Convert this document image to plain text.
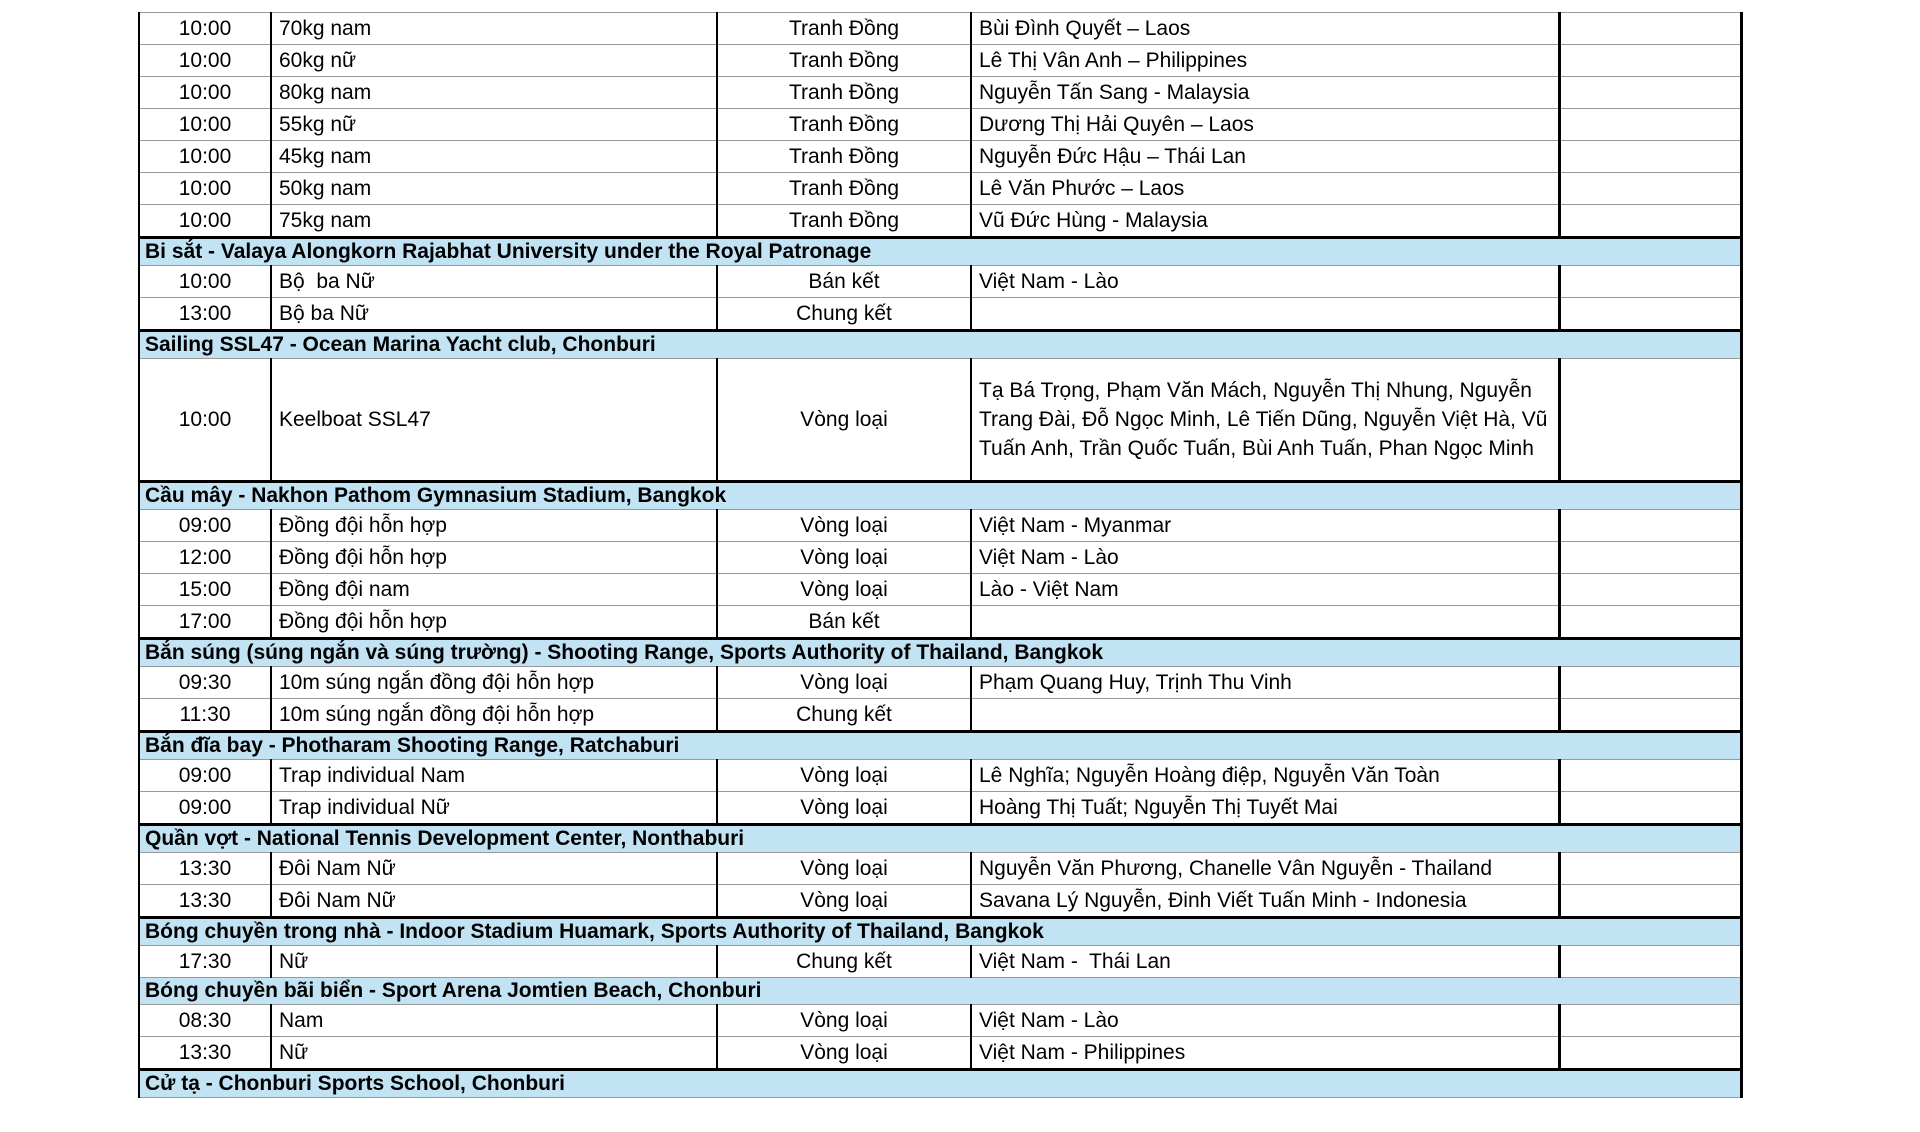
10:00	70kg nam	Tranh Đồng	Bùi Đình Quyết – Laos	
10:00	60kg nữ	Tranh Đồng	Lê Thị Vân Anh – Philippines	
10:00	80kg nam	Tranh Đồng	Nguyễn Tấn Sang - Malaysia	
10:00	55kg nữ	Tranh Đồng	Dương Thị Hải Quyên – Laos	
10:00	45kg nam	Tranh Đồng	Nguyễn Đức Hậu – Thái Lan	
10:00	50kg nam	Tranh Đồng	Lê Văn Phước – Laos	
10:00	75kg nam	Tranh Đồng	Vũ Đức Hùng - Malaysia	
Bi sắt - Valaya Alongkorn Rajabhat University under the Royal Patronage				
10:00	Bộ  ba Nữ	Bán kết	Việt Nam - Lào	
13:00	Bộ ba Nữ	Chung kết		
Sailing SSL47 - Ocean Marina Yacht club, Chonburi				
10:00	Keelboat SSL47	Vòng loại	Tạ Bá Trọng, Phạm Văn Mách, Nguyễn Thị Nhung, Nguyễn Trang Đài, Đỗ Ngọc Minh, Lê Tiến Dũng, Nguyễn Việt Hà, Vũ Tuấn Anh, Trần Quốc Tuấn, Bùi Anh Tuấn, Phan Ngọc Minh	
Cầu mây - Nakhon Pathom Gymnasium Stadium, Bangkok				
09:00	Đồng đội hỗn hợp	Vòng loại	Việt Nam - Myanmar	
12:00	Đồng đội hỗn hợp	Vòng loại	Việt Nam - Lào	
15:00	Đồng đội nam	Vòng loại	Lào - Việt Nam	
17:00	Đồng đội hỗn hợp	Bán kết		
Bắn súng (súng ngắn và súng trường) - Shooting Range, Sports Authority of Thailand, Bangkok				
09:30	10m súng ngắn đồng đội hỗn hợp	Vòng loại	Phạm Quang Huy, Trịnh Thu Vinh	
11:30	10m súng ngắn đồng đội hỗn hợp	Chung kết		
Bắn đĩa bay - Photharam Shooting Range, Ratchaburi				
09:00	Trap individual Nam	Vòng loại	Lê Nghĩa; Nguyễn Hoàng điệp, Nguyễn Văn Toàn	
09:00	Trap individual Nữ	Vòng loại	Hoàng Thị Tuất; Nguyễn Thị Tuyết Mai	
Quần vợt - National Tennis Development Center, Nonthaburi				
13:30	Đôi Nam Nữ	Vòng loại	Nguyễn Văn Phương, Chanelle Vân Nguyễn - Thailand	
13:30	Đôi Nam Nữ	Vòng loại	Savana Lý Nguyễn, Đinh Viết Tuấn Minh - Indonesia	
Bóng chuyền trong nhà - Indoor Stadium Huamark, Sports Authority of Thailand, Bangkok				
17:30	Nữ	Chung kết	Việt Nam -  Thái Lan	
Bóng chuyền bãi biển - Sport Arena Jomtien Beach, Chonburi				
08:30	Nam	Vòng loại	Việt Nam - Lào	
13:30	Nữ	Vòng loại	Việt Nam - Philippines	
Cử tạ - Chonburi Sports School, Chonburi				
